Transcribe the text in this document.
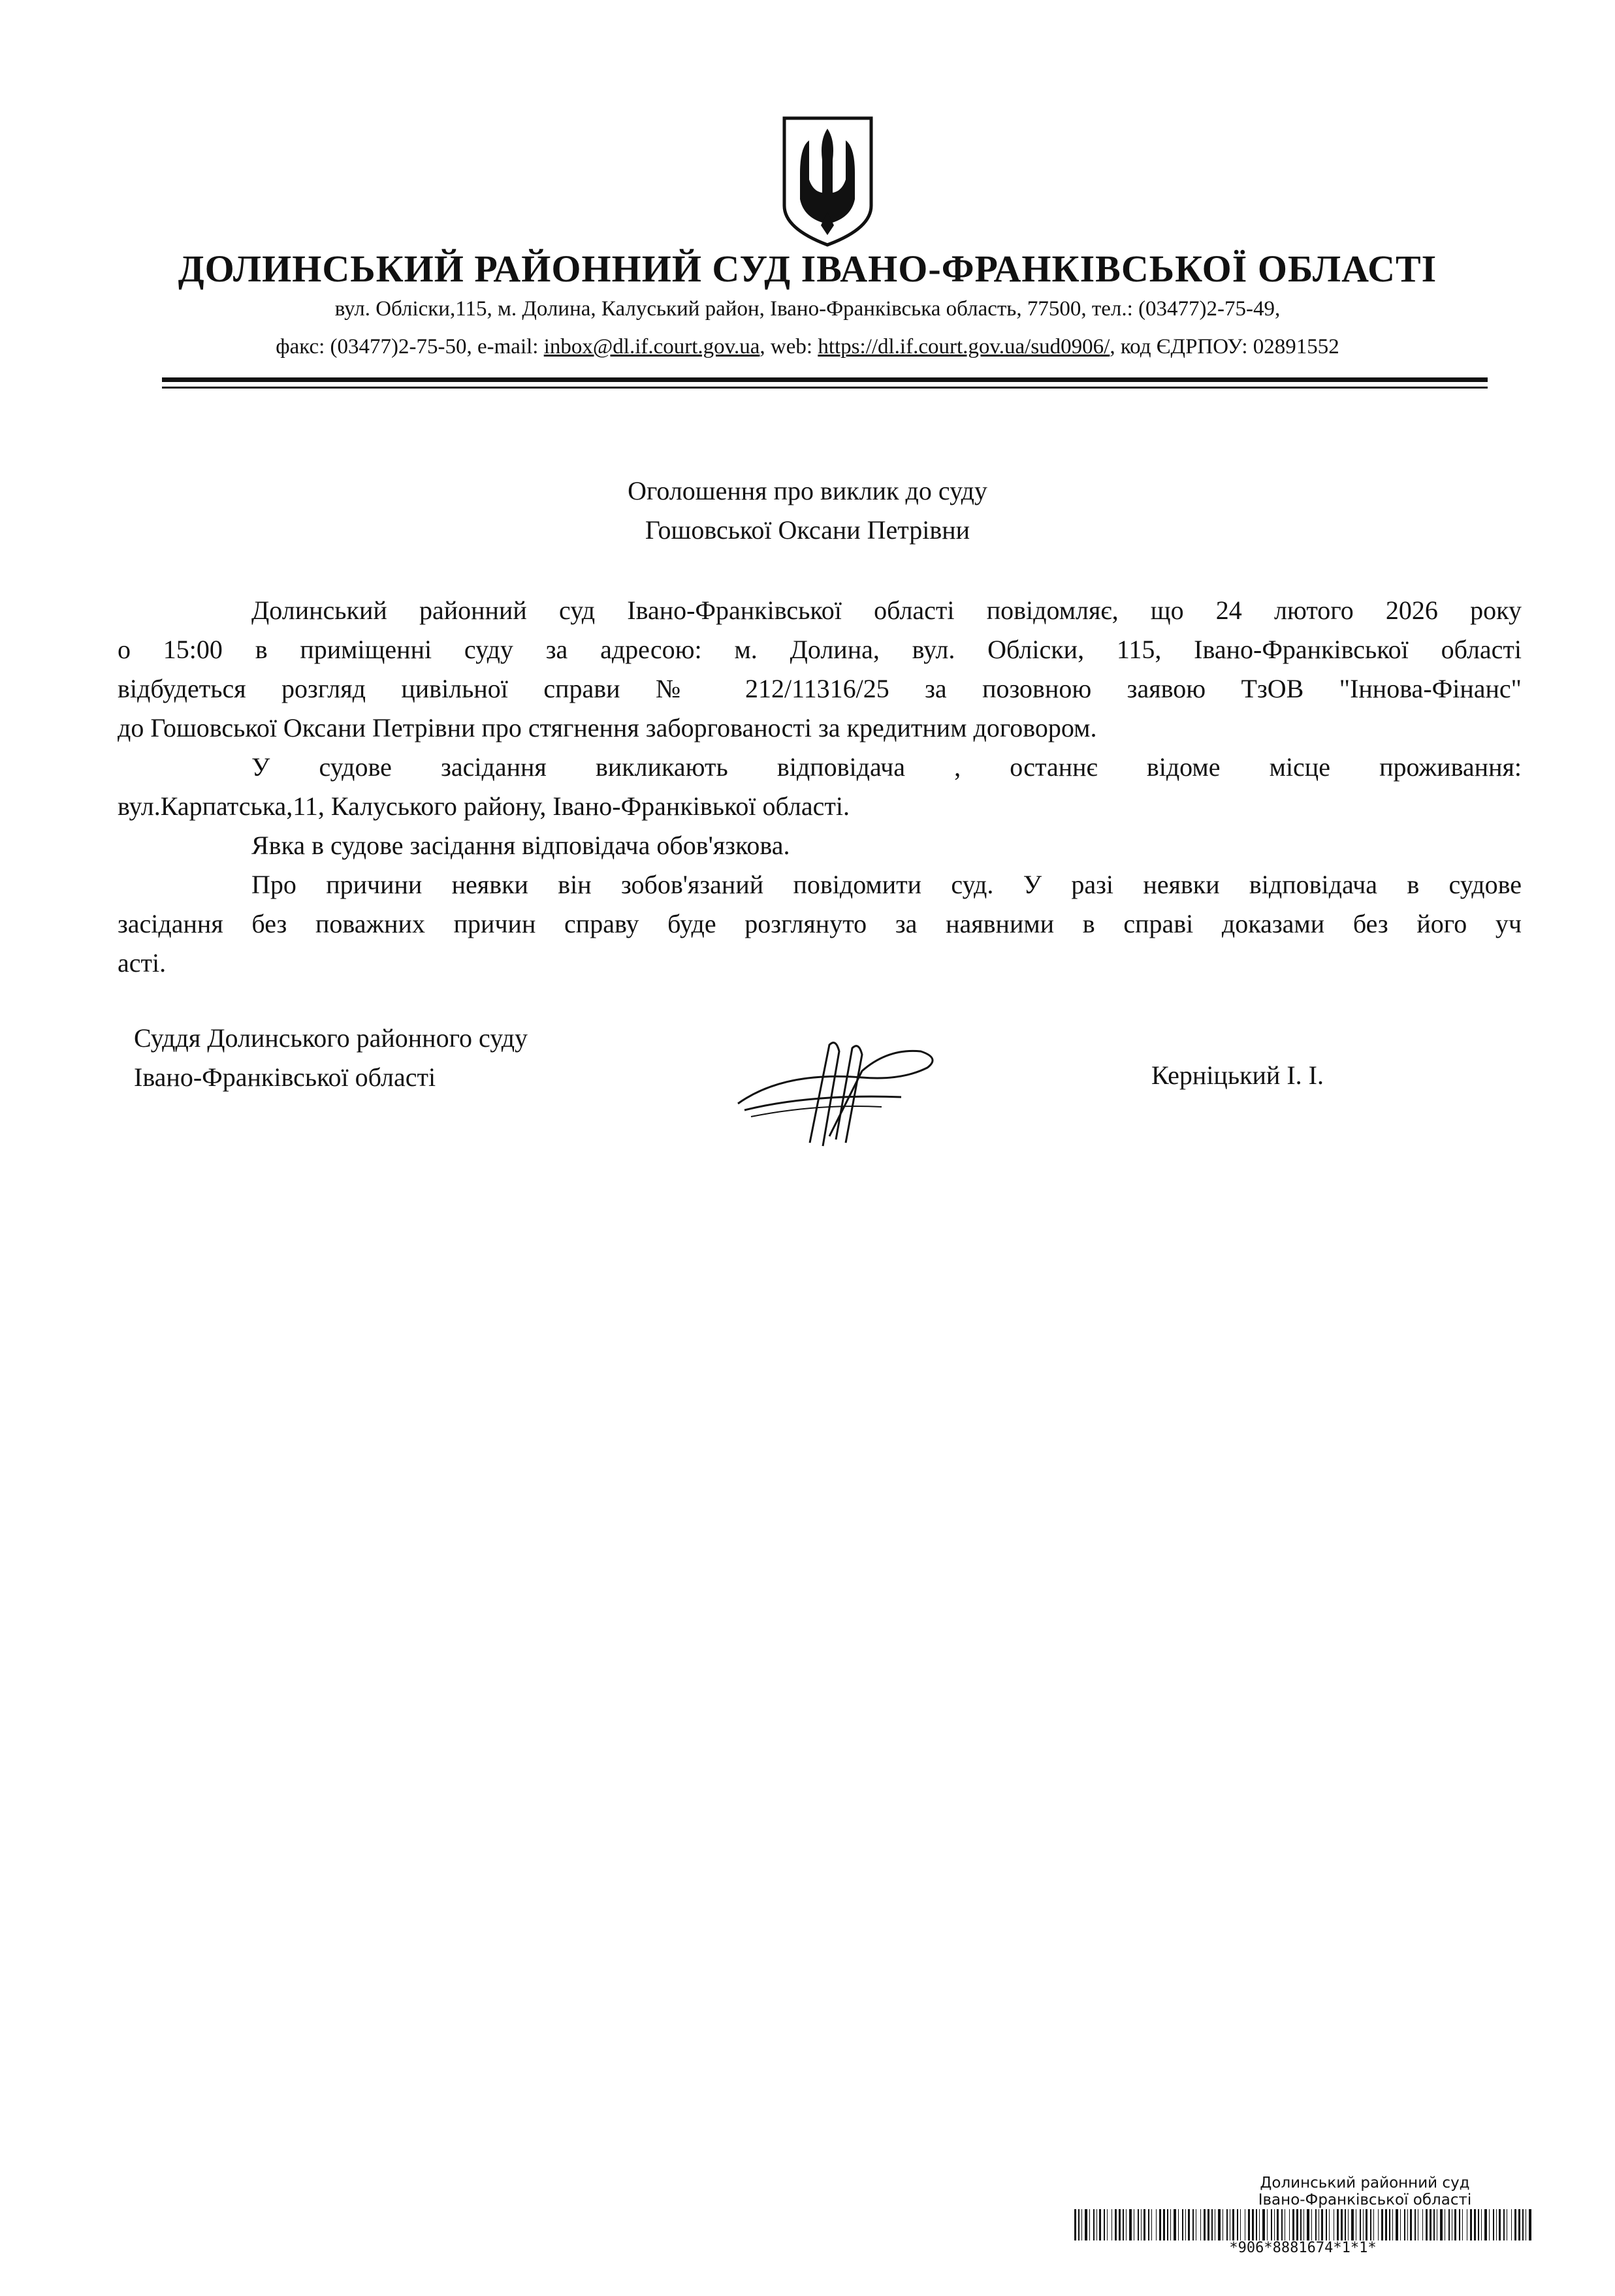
ДОЛИНСЬКИЙ РАЙОННИЙ СУД ІВАНО-ФРАНКІВСЬКОЇ ОБЛАСТІ
вул. Обліски,115, м. Долина, Калуський район, Івано-Франківська область, 77500, тел.: (03477)2-75-49,
факс: (03477)2-75-50, e-mail: inbox@dl.if.court.gov.ua, web: https://dl.if.court.gov.ua/sud0906/, код ЄДРПОУ: 02891552
Оголошення про виклик до суду
Гошовської Оксани Петрівни

Долинський районний суд Івано-Франківської області повідомляє, що 24 лютого 2026 року

о 15:00 в приміщенні суду за адресою: м. Долина, вул. Обліски, 115, Івано-Франківської області

відбудеться розгляд цивільної справи № 212/11316/25 за позовною заявою ТзОВ "Іннова-Фінанс"

до Гошовської Оксани Петрівни про стягнення заборгованості за кредитним договором.

У судове засідання викликають відповідача , останнє відоме місце проживання:

вул.Карпатська,11, Калуського району, Івано-Франківької області.

Явка в судове засідання відповідача обов'язкова.

Про причини неявки він зобов'язаний повідомити суд. У разі неявки відповідача в судове

засідання без поважних причин справу буде розглянуто за наявними в справі доказами без його уч

асті.

Суддя Долинського районного суду
Івано-Франківської області	Керніцький І. І.
Долинський районний суд
Івано-Франківської області
*906*8881674*1*1*
